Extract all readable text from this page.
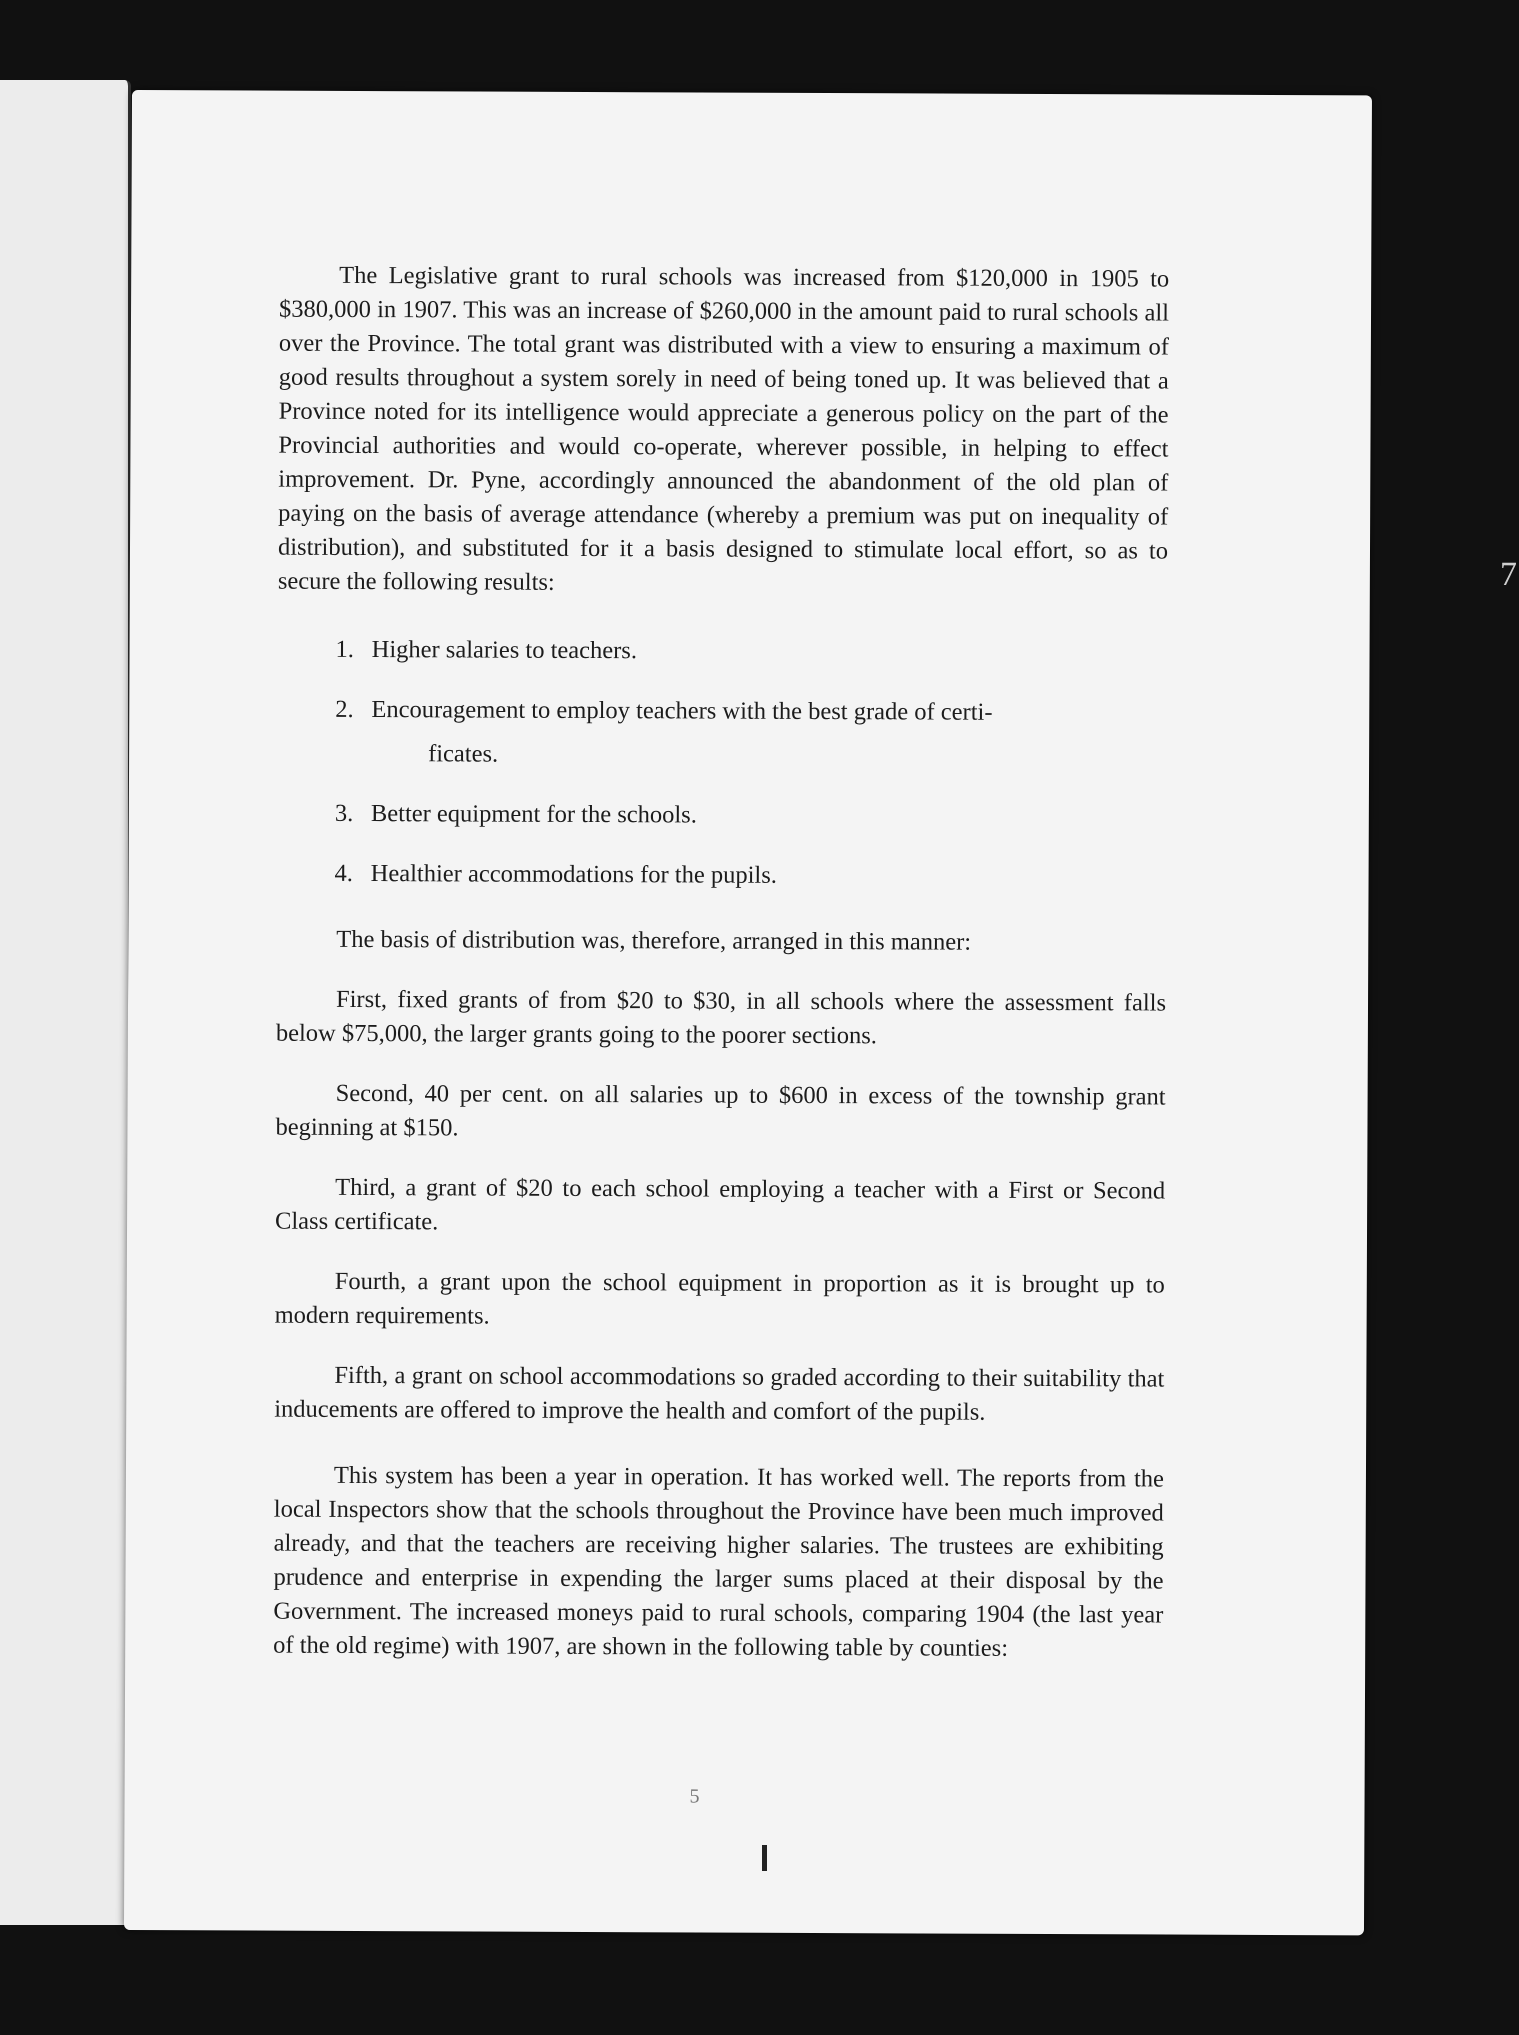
7

The Legislative grant to rural schools was increased from $120,000 in 1905 to $380,000 in 1907. This was an increase of $260,000 in the amount paid to rural schools all over the Province. The total grant was distributed with a view to ensuring a maximum of good results throughout a system sorely in need of being toned up. It was believed that a Province noted for its intelligence would appreciate a generous policy on the part of the Provincial authorities and would co-operate, wherever possible, in helping to effect improvement. Dr. Pyne, accordingly announced the abandonment of the old plan of paying on the basis of average attendance (whereby a premium was put on inequality of distribution), and substituted for it a basis designed to stimulate local effort, so as to secure the following results:

1. Higher salaries to teachers.
2. Encouragement to employ teachers with the best grade of certi-
ficates.
3. Better equipment for the schools.
4. Healthier accommodations for the pupils.

The basis of distribution was, therefore, arranged in this manner:

First, fixed grants of from $20 to $30, in all schools where the assessment falls below $75,000, the larger grants going to the poorer sections.

Second, 40 per cent. on all salaries up to $600 in excess of the township grant beginning at $150.

Third, a grant of $20 to each school employing a teacher with a First or Second Class certificate.

Fourth, a grant upon the school equipment in proportion as it is brought up to modern requirements.

Fifth, a grant on school accommodations so graded according to their suitability that inducements are offered to improve the health and comfort of the pupils.

This system has been a year in operation. It has worked well. The reports from the local Inspectors show that the schools throughout the Province have been much improved already, and that the teachers are receiving higher salaries. The trustees are exhibiting prudence and enterprise in expending the larger sums placed at their disposal by the Government. The increased moneys paid to rural schools, comparing 1904 (the last year of the old regime) with 1907, are shown in the following table by counties:

5
